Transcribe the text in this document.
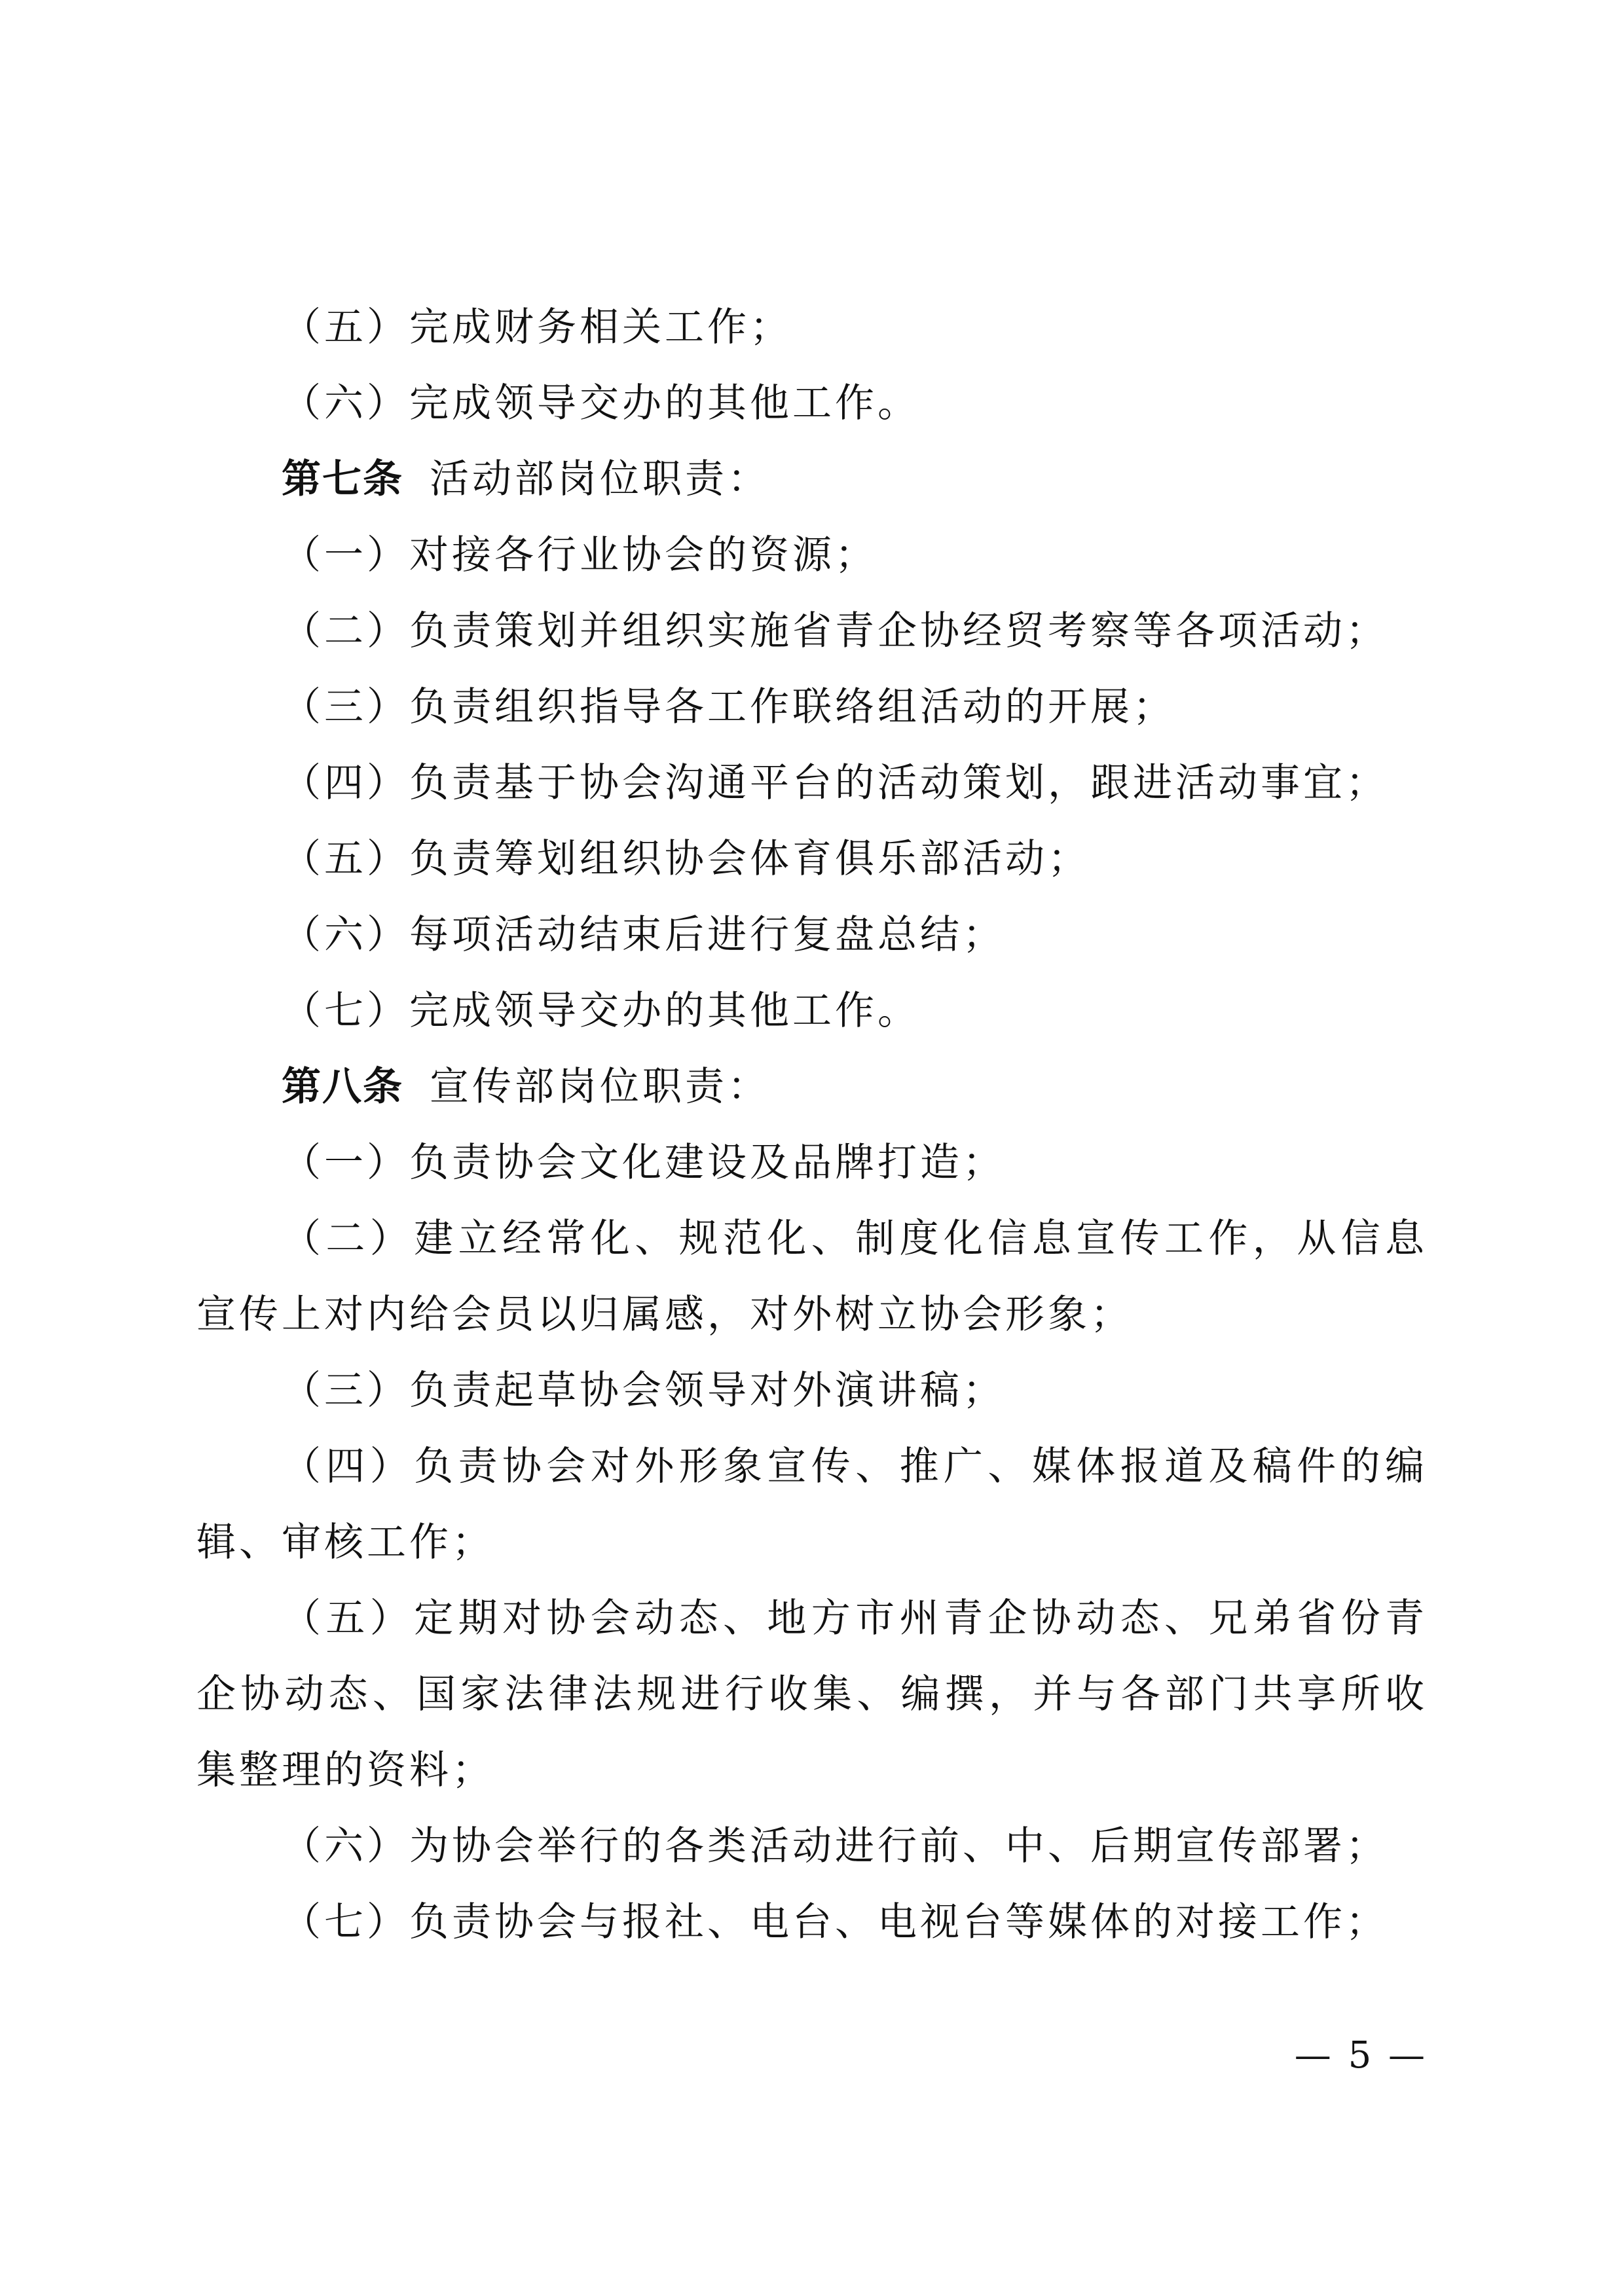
（五）完成财务相关工作；
（六）完成领导交办的其他工作。
第七条 活动部岗位职责：
（一）对接各行业协会的资源；
（二）负责策划并组织实施省青企协经贸考察等各项活动；
（三）负责组织指导各工作联络组活动的开展；
（四）负责基于协会沟通平台的活动策划，跟进活动事宜；
（五）负责筹划组织协会体育俱乐部活动；
（六）每项活动结束后进行复盘总结；
（七）完成领导交办的其他工作。
第八条 宣传部岗位职责：
（一）负责协会文化建设及品牌打造；
（二）建立经常化、规范化、制度化信息宣传工作，从信息
宣传上对内给会员以归属感，对外树立协会形象；
（三）负责起草协会领导对外演讲稿；
（四）负责协会对外形象宣传、推广、媒体报道及稿件的编
辑、审核工作；
（五）定期对协会动态、地方市州青企协动态、兄弟省份青
企协动态、国家法律法规进行收集、编撰，并与各部门共享所收
集整理的资料；
（六）为协会举行的各类活动进行前、中、后期宣传部署；
（七）负责协会与报社、电台、电视台等媒体的对接工作；
— 5 —
